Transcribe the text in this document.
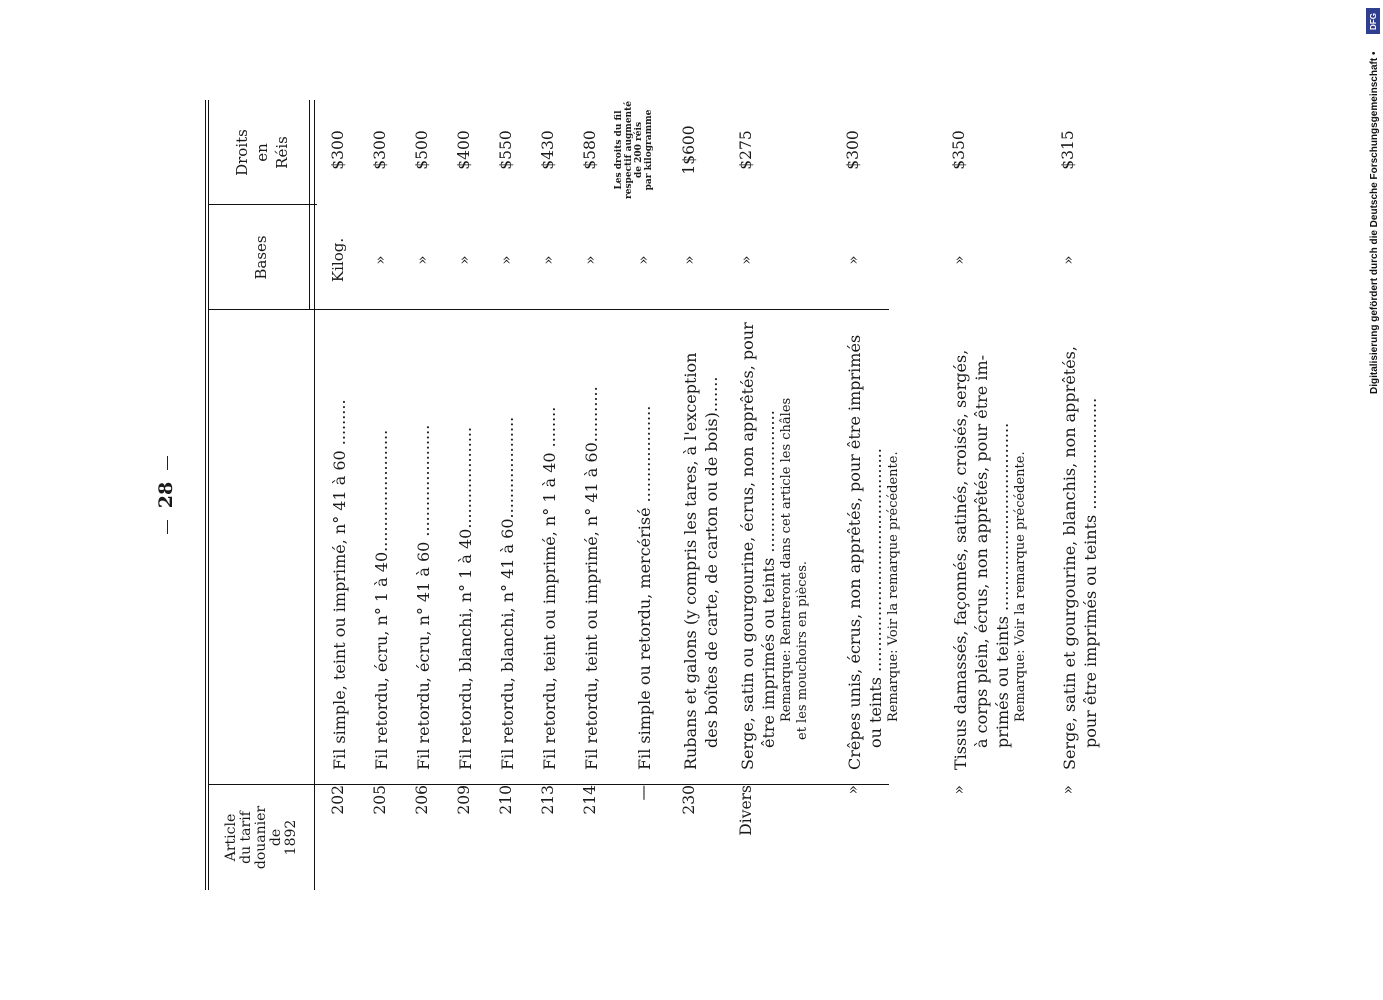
28
Article du tarif douanier de 1892
Bases
Droits en Réis
202
Fil simple, teint ou imprimé, n° 41 à 60 .........
Kilog.
$300
205
Fil retordu, écru, n° 1 à 40........................
»
$300
206
Fil retordu, écru, n° 41 à 60 ......................
»
$500
209
Fil retordu, blanchi, n° 1 à 40....................
»
$400
210
Fil retordu, blanchi, n° 41 à 60....................
»
$550
213
Fil retordu, teint ou imprimé, n° 1 à 40 ........
»
$430
214
Fil retordu, teint ou imprimé, n° 41 à 60...........
»
$580
—
Fil simple ou retordu, mercérisé ...................
»
Les droits du fil respectif augmenté de 200 réis par kilogramme
230
Rubans et galons (y compris les tares, à l'exception des boîtes de carte, de carton ou de bois).......
»
1$600
Divers
Serge, satin ou gourgourine, écrus, non apprêtés, pour être imprimés ou teints ............................ Remarque: Rentreront dans cet article les châles et les mouchoirs en pièces.
»
$275
»
Crêpes unis, écrus, non apprêtés, pour être imprimés ou teints ............................................ Remarque: Voir la remarque précédente.
»
$300
»
Tissus damassés, façonnés, satinés, croisés, sergés, à corps plein, écrus, non apprêtés, pour être im- primés ou teints ..................................... Remarque: Voir la remarque précédente.
»
$350
»
Serge, satin et gourgourine, blanchis, non apprêtés, pour être imprimés ou teints ......................
»
$315
DFG
Digitalisierung gefördert durch die Deutsche Forschungsgemeinschaft •
